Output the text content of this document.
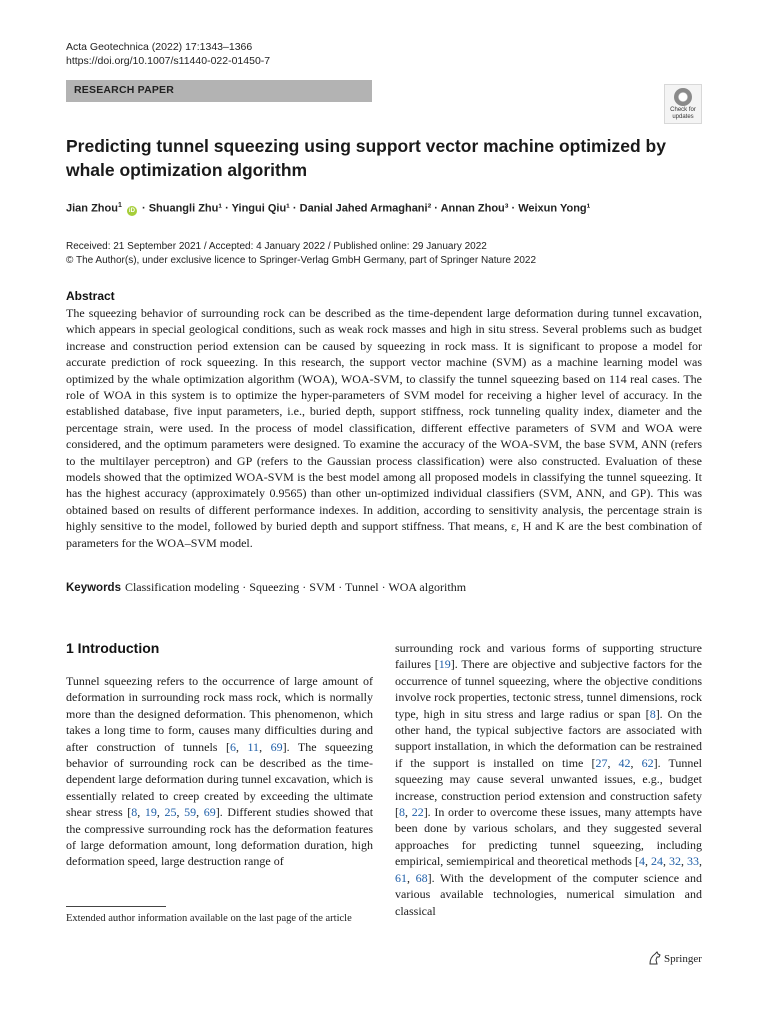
Acta Geotechnica (2022) 17:1343–1366
https://doi.org/10.1007/s11440-022-01450-7
RESEARCH PAPER
Check for
updates
Predicting tunnel squeezing using support vector machine optimized by whale optimization algorithm
Jian Zhou$^1$ iD · Shuangli Zhu¹ · Yingui Qiu¹ · Danial Jahed Armaghani² · Annan Zhou³ · Weixun Yong¹
Received: 21 September 2021 / Accepted: 4 January 2022 / Published online: 29 January 2022
© The Author(s), under exclusive licence to Springer-Verlag GmbH Germany, part of Springer Nature 2022
Abstract
The squeezing behavior of surrounding rock can be described as the time-dependent large deformation during tunnel excavation, which appears in special geological conditions, such as weak rock masses and high in situ stress. Several problems such as budget increase and construction period extension can be caused by squeezing in rock mass. It is significant to propose a model for accurate prediction of rock squeezing. In this research, the support vector machine (SVM) as a machine learning model was optimized by the whale optimization algorithm (WOA), WOA-SVM, to classify the tunnel squeezing based on 114 real cases. The role of WOA in this system is to optimize the hyper-parameters of SVM model for receiving a higher level of accuracy. In the established database, five input parameters, i.e., buried depth, support stiffness, rock tunneling quality index, diameter and the percentage strain, were used. In the process of model classification, different effective parameters of SVM and WOA were considered, and the optimum parameters were designed. To examine the accuracy of the WOA-SVM, the base SVM, ANN (refers to the multilayer perceptron) and GP (refers to the Gaussian process classification) were also constructed. Evaluation of these models showed that the optimized WOA-SVM is the best model among all proposed models in classifying the tunnel squeezing. It has the highest accuracy (approximately 0.9565) than other un-optimized individual classifiers (SVM, ANN, and GP). This was obtained based on results of different performance indexes. In addition, according to sensitivity analysis, the percentage strain is highly sensitive to the model, followed by buried depth and support stiffness. That means, ε, H and K are the best combination of parameters for the WOA–SVM model.
Keywords Classification modeling · Squeezing · SVM · Tunnel · WOA algorithm
1 Introduction
Tunnel squeezing refers to the occurrence of large amount of deformation in surrounding rock mass rock, which is normally more than the designed deformation. This phenomenon, which takes a long time to form, causes many difficulties during and after construction of tunnels [6, 11, 69]. The squeezing behavior of surrounding rock can be described as the time-dependent large deformation during tunnel excavation, which is essentially related to creep created by exceeding the ultimate shear stress [8, 19, 25, 59, 69]. Different studies showed that the compressive surrounding rock has the deformation features of large deformation amount, long deformation duration, high deformation speed, large destruction range of
surrounding rock and various forms of supporting structure failures [19]. There are objective and subjective factors for the occurrence of tunnel squeezing, where the objective conditions involve rock properties, tectonic stress, tunnel dimensions, rock type, high in situ stress and large radius or span [8]. On the other hand, the typical subjective factors are associated with support installation, in which the deformation can be restrained if the support is installed on time [27, 42, 62]. Tunnel squeezing may cause several unwanted issues, e.g., budget increase, construction period extension and construction safety [8, 22]. In order to overcome these issues, many attempts have been done by various scholars, and they suggested several approaches for predicting tunnel squeezing, including empirical, semiempirical and theoretical methods [4, 24, 32, 33, 61, 68]. With the development of the computer science and various available technologies, numerical simulation and classical
Extended author information available on the last page of the article
Springer
